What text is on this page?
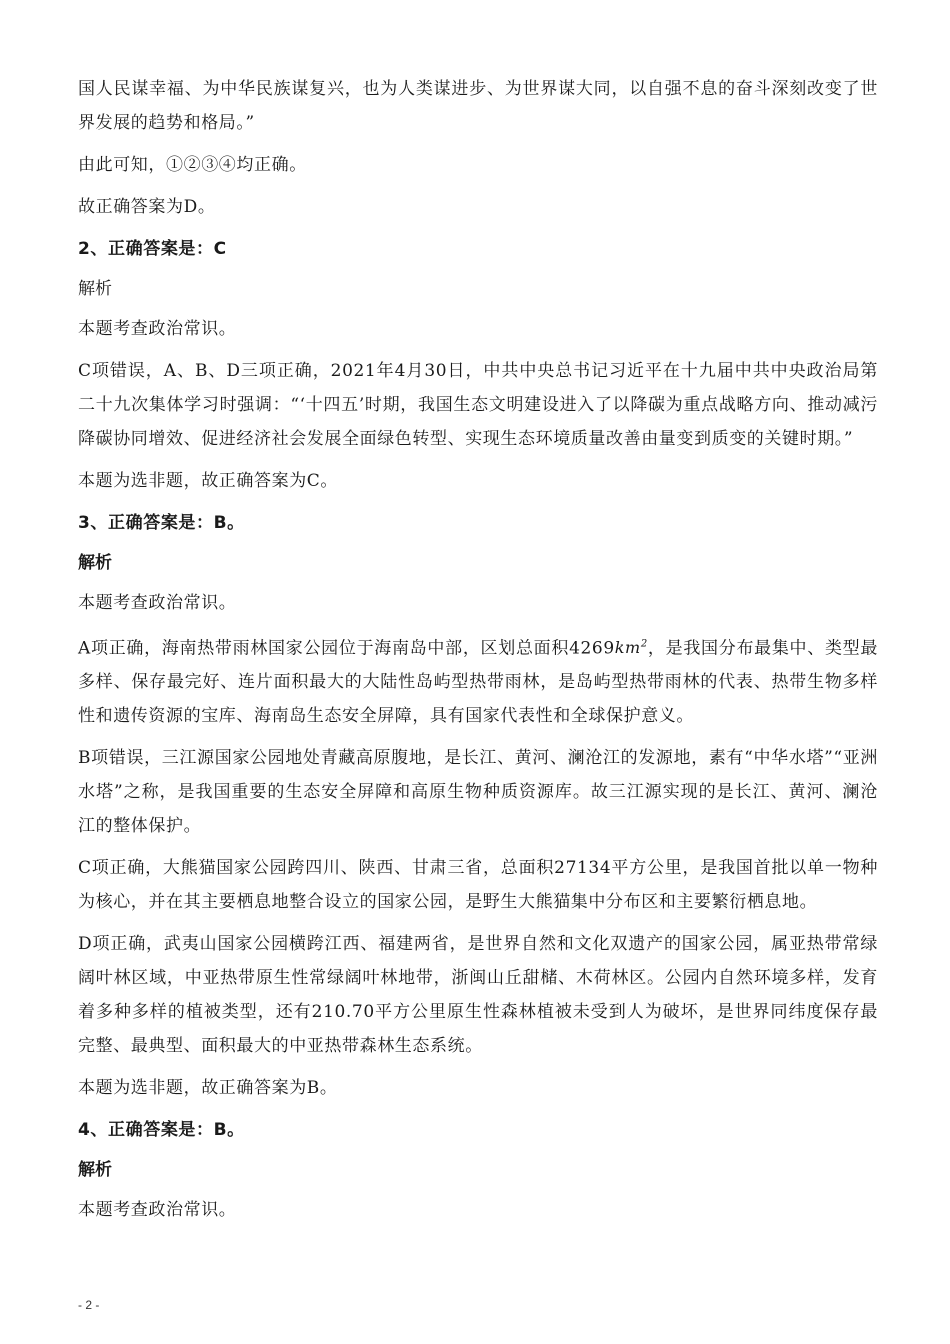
国人民谋幸福、为中华民族谋复兴，也为人类谋进步、为世界谋大同，以自强不息的奋斗深刻改变了世界发展的趋势和格局。”

由此可知，①②③④均正确。

故正确答案为D。

2、正确答案是：C
解析

本题考查政治常识。

C项错误，A、B、D三项正确，2021年4月30日，中共中央总书记习近平在十九届中共中央政治局第二十九次集体学习时强调：“‘十四五’时期，我国生态文明建设进入了以降碳为重点战略方向、推动减污降碳协同增效、促进经济社会发展全面绿色转型、实现生态环境质量改善由量变到质变的关键时期。”

本题为选非题，故正确答案为C。

3、正确答案是：B。
解析

本题考查政治常识。

A项正确，海南热带雨林国家公园位于海南岛中部，区划总面积$4269km^2$，是我国分布最集中、类型最多样、保存最完好、连片面积最大的大陆性岛屿型热带雨林，是岛屿型热带雨林的代表、热带生物多样性和遗传资源的宝库、海南岛生态安全屏障，具有国家代表性和全球保护意义。

B项错误，三江源国家公园地处青藏高原腹地，是长江、黄河、澜沧江的发源地，素有“中华水塔”“亚洲水塔”之称，是我国重要的生态安全屏障和高原生物种质资源库。故三江源实现的是长江、黄河、澜沧江的整体保护。

C项正确，大熊猫国家公园跨四川、陕西、甘肃三省，总面积27134平方公里，是我国首批以单一物种为核心，并在其主要栖息地整合设立的国家公园，是野生大熊猫集中分布区和主要繁衍栖息地。

D项正确，武夷山国家公园横跨江西、福建两省，是世界自然和文化双遗产的国家公园，属亚热带常绿阔叶林区域，中亚热带原生性常绿阔叶林地带，浙闽山丘甜槠、木荷林区。公园内自然环境多样，发育着多种多样的植被类型，还有210.70平方公里原生性森林植被未受到人为破坏，是世界同纬度保存最完整、最典型、面积最大的中亚热带森林生态系统。

本题为选非题，故正确答案为B。

4、正确答案是：B。
解析

本题考查政治常识。

- 2 -
